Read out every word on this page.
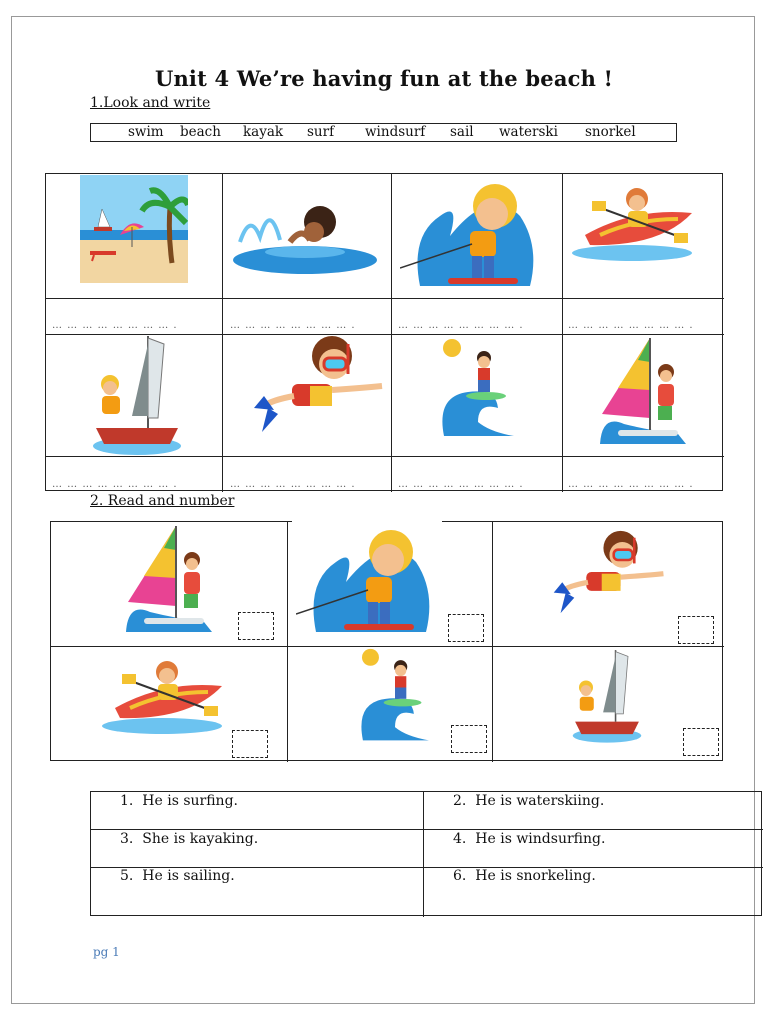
Unit 4 We’re having fun at the beach !
1.Look and write
swim beach kayak surf windsurf sail waterski snorkel
… … … … … … … … .	… … … … … … … … .	… … … … … … … … .	… … … … … … … … .
… … … … … … … … .	… … … … … … … … .	… … … … … … … … .	… … … … … … … … .
2. Read and number
1. He is surfing.	2. He is waterskiing.
3. She is kayaking.	4. He is windsurfing.
5. He is sailing.	6. He is snorkeling.
pg 1
